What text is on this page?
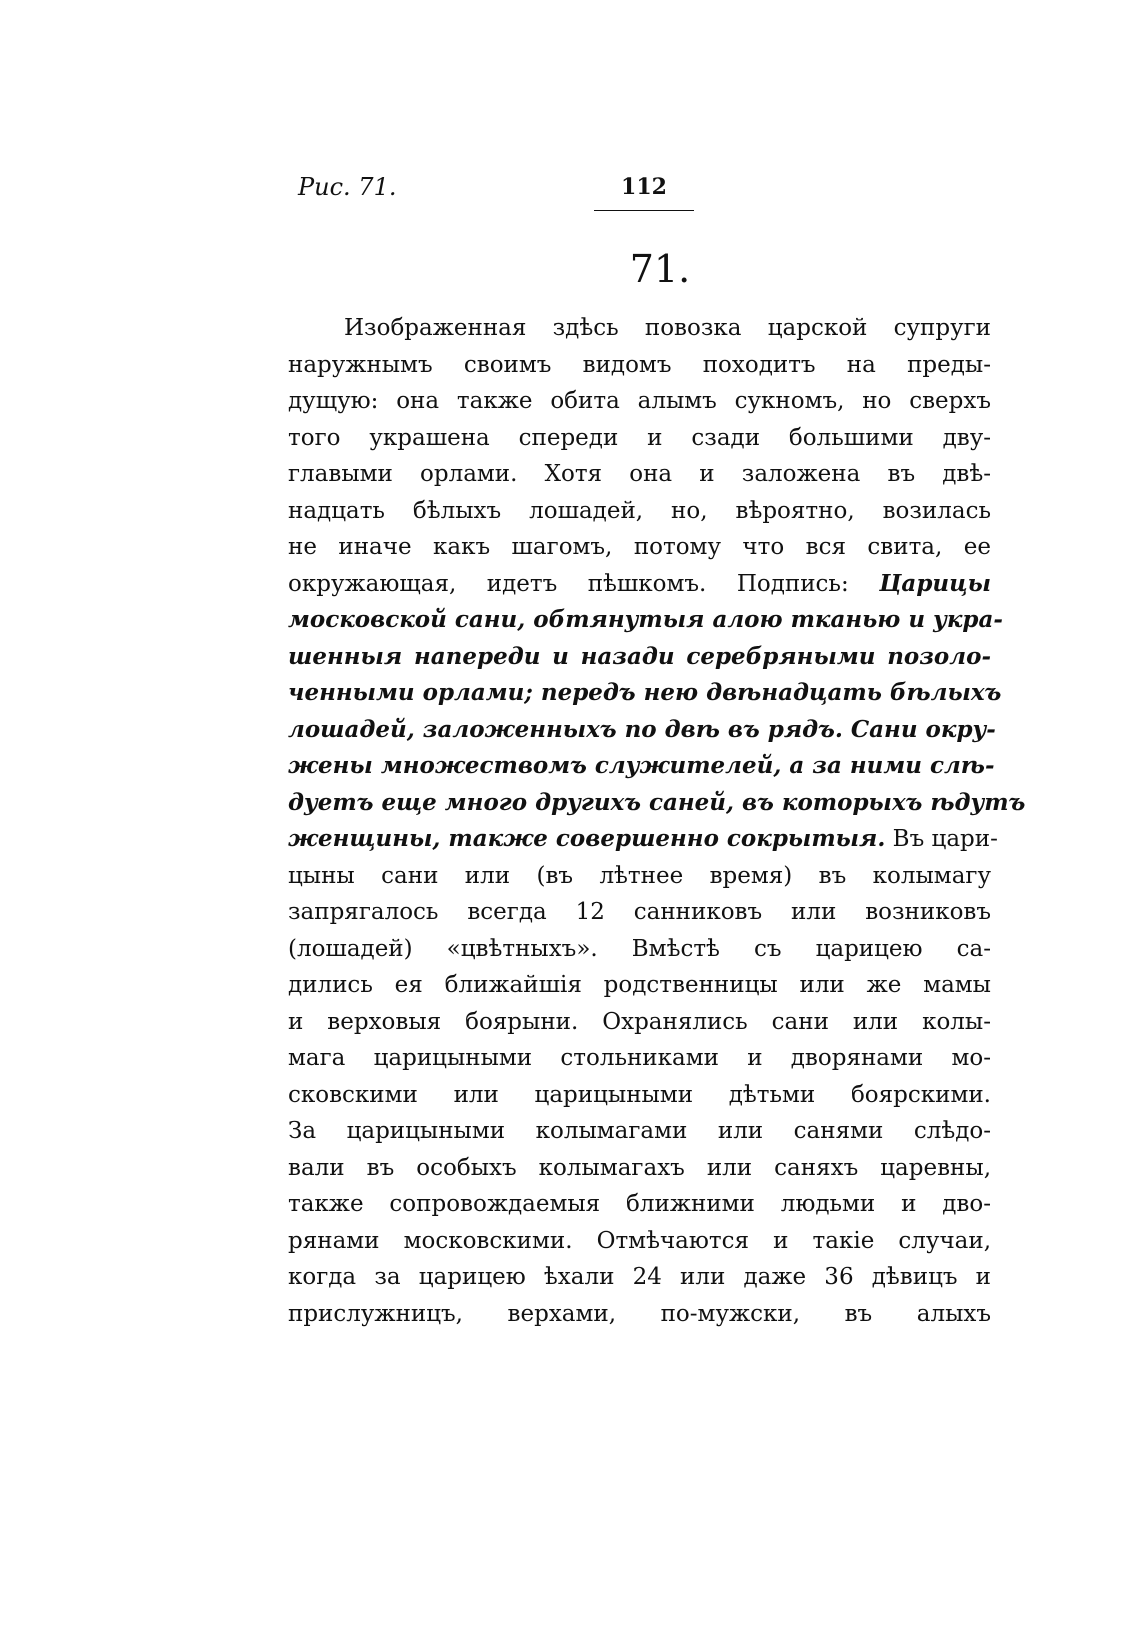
Рис. 71.	112
71.
Изображенная здѣсь повозка царской супруги
наружнымъ своимъ видомъ походитъ на преды-
дущую: она также обита алымъ сукномъ, но сверхъ
того украшена спереди и сзади большими дву-
главыми орлами. Хотя она и заложена въ двѣ-
надцать бѣлыхъ лошадей, но, вѣроятно, возилась
не иначе какъ шагомъ, потому что вся свита, ее
окружающая, идетъ пѣшкомъ. Подпись: Царицы
московской сани, обтянутыя алою тканью и укра-
шенныя напереди и назади серебряными позоло-
ченными орлами; передъ нею двѣнадцать бѣлыхъ
лошадей, заложенныхъ по двѣ въ рядъ. Сани окру-
жены множествомъ служителей, а за ними слѣ-
дуетъ еще много другихъ саней, въ которыхъ ѣдутъ
женщины, также совершенно сокрытыя. Въ цари-
цыны сани или (въ лѣтнее время) въ колымагу
запрягалось всегда 12 санниковъ или возниковъ
(лошадей) «цвѣтныхъ». Вмѣстѣ съ царицею са-
дились ея ближайшія родственницы или же мамы
и верховыя боярыни. Охранялись сани или колы-
мага царицыными стольниками и дворянами мо-
сковскими или царицыными дѣтьми боярскими.
За царицыными колымагами или санями слѣдо-
вали въ особыхъ колымагахъ или саняхъ царевны,
также сопровождаемыя ближними людьми и дво-
рянами московскими. Отмѣчаются и такіе случаи,
когда за царицею ѣхали 24 или даже 36 дѣвицъ и
прислужницъ, верхами, по-мужски, въ алыхъ
